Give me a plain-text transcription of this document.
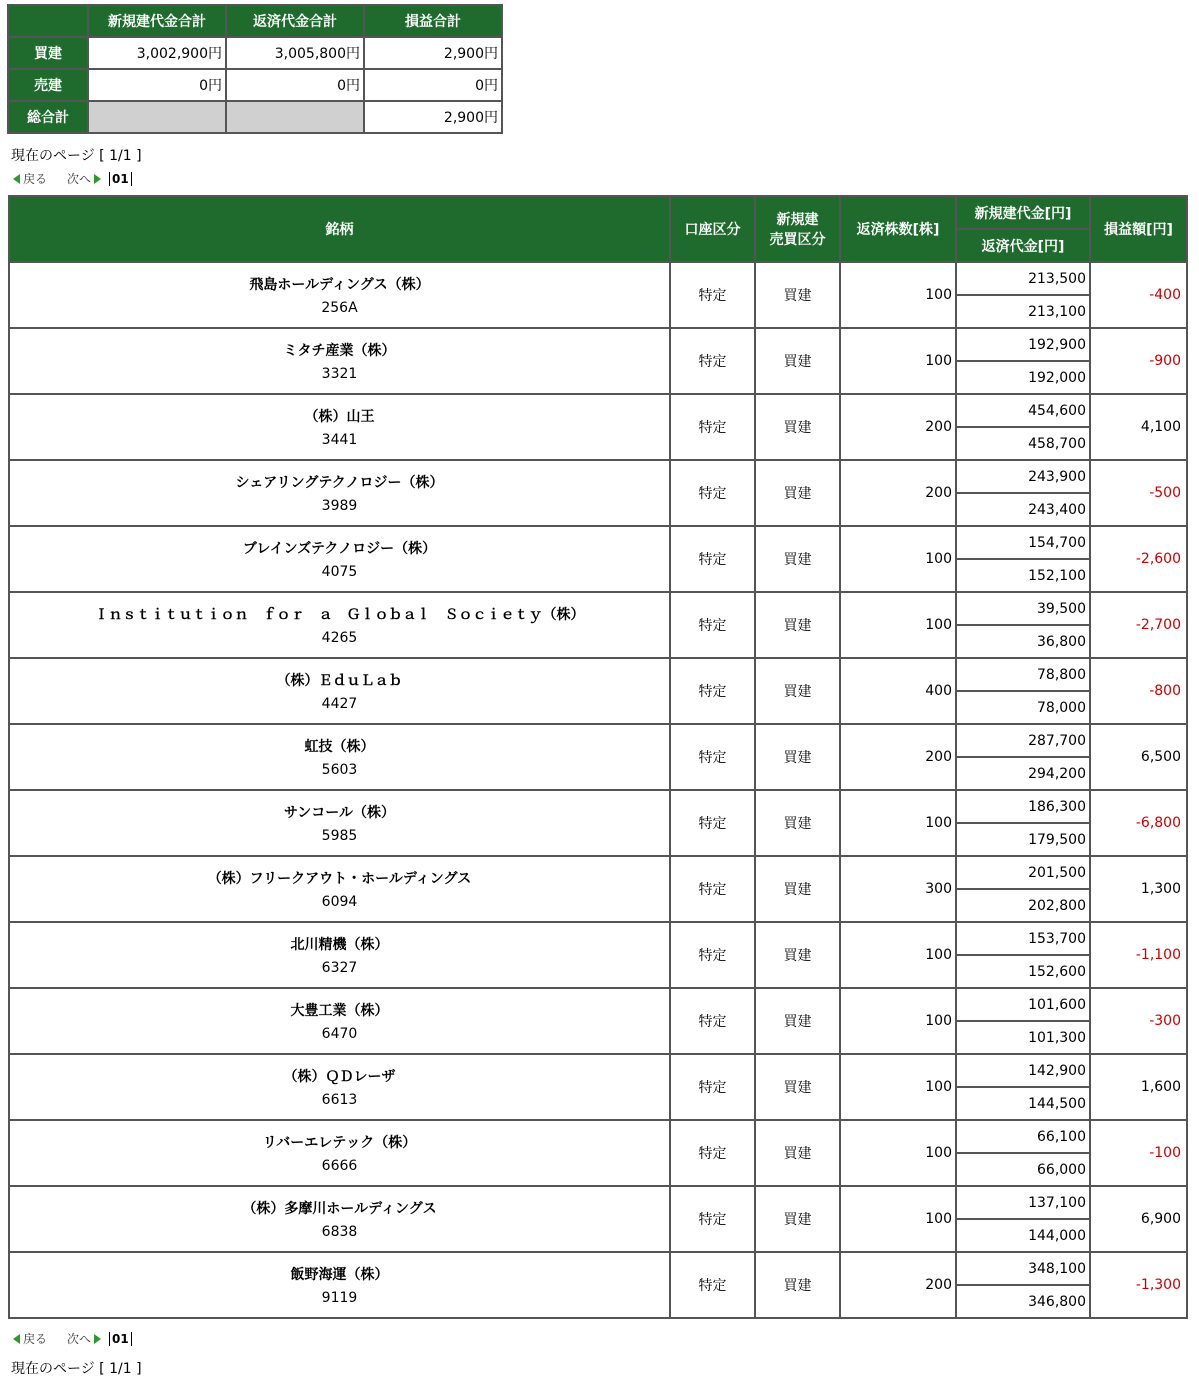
	新規建代金合計	返済代金合計	損益合計
買建	3,002,900円	3,005,800円	2,900円
売建	0円	0円	0円
総合計			2,900円
現在のページ [ 1/1 ]
戻る 次へ 01
銘柄	口座区分	新規建
売買区分	返済株数[株]	新規建代金[円]	損益額[円]
				返済代金[円]	

飛島ホールディングス（株）
256A	特定	買建	100	213,500	-400
				213,100	

ミタチ産業（株）
3321	特定	買建	100	192,900	-900
				192,000	

（株）山王
3441	特定	買建	200	454,600	4,100
				458,700	

シェアリングテクノロジー（株）
3989	特定	買建	200	243,900	-500
				243,400	

ブレインズテクノロジー（株）
4075	特定	買建	100	154,700	-2,600
				152,100	

Ｉｎｓｔｉｔｕｔｉｏｎ　ｆｏｒ　ａ　Ｇｌｏｂａｌ　Ｓｏｃｉｅｔｙ（株）
4265	特定	買建	100	39,500	-2,700
				36,800	

（株）ＥｄｕＬａｂ
4427	特定	買建	400	78,800	-800
				78,000	

虹技（株）
5603	特定	買建	200	287,700	6,500
				294,200	

サンコール（株）
5985	特定	買建	100	186,300	-6,800
				179,500	

（株）フリークアウト・ホールディングス
6094	特定	買建	300	201,500	1,300
				202,800	

北川精機（株）
6327	特定	買建	100	153,700	-1,100
				152,600	

大豊工業（株）
6470	特定	買建	100	101,600	-300
				101,300	

（株）ＱＤレーザ
6613	特定	買建	100	142,900	1,600
				144,500	

リバーエレテック（株）
6666	特定	買建	100	66,100	-100
				66,000	

（株）多摩川ホールディングス
6838	特定	買建	100	137,100	6,900
				144,000	

飯野海運（株）
9119	特定	買建	200	348,100	-1,300
				346,800	
戻る 次へ 01
現在のページ [ 1/1 ]
